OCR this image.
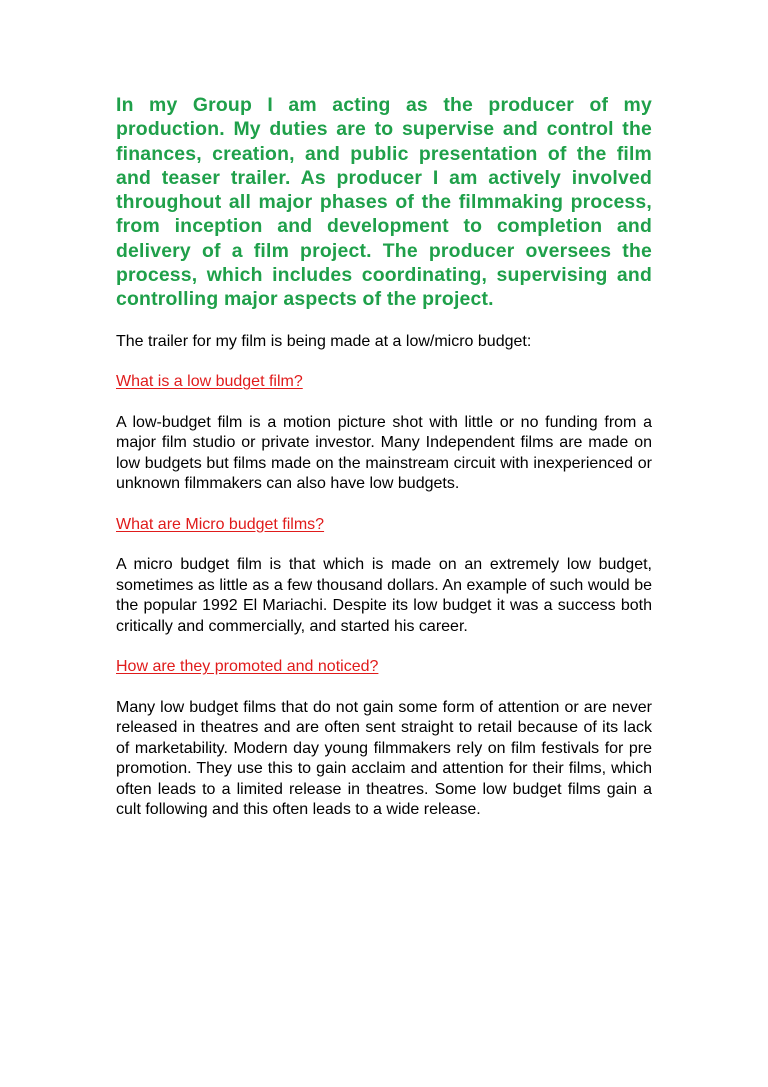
In my Group I am acting as the producer of my production. My duties are to supervise and control the finances, creation, and public presentation of the film and teaser trailer. As producer I am actively involved throughout all major phases of the filmmaking process, from inception and development to completion and delivery of a film project. The producer oversees the process, which includes coordinating, supervising and controlling major aspects of the project.

The trailer for my film is being made at a low/micro budget:

What is a low budget film?

A low-budget film is a motion picture shot with little or no funding from a major film studio or private investor. Many Independent films are made on low budgets but films made on the mainstream circuit with inexperienced or unknown filmmakers can also have low budgets.

What are Micro budget films?

A micro budget film is that which is made on an extremely low budget, sometimes as little as a few thousand dollars. An example of such would be the popular 1992 El Mariachi. Despite its low budget it was a success both critically and commercially, and started his career.

How are they promoted and noticed?

Many low budget films that do not gain some form of attention or are never released in theatres and are often sent straight to retail because of its lack of marketability. Modern day young filmmakers rely on film festivals for pre promotion. They use this to gain acclaim and attention for their films, which often leads to a limited release in theatres. Some low budget films gain a cult following and this often leads to a wide release.
